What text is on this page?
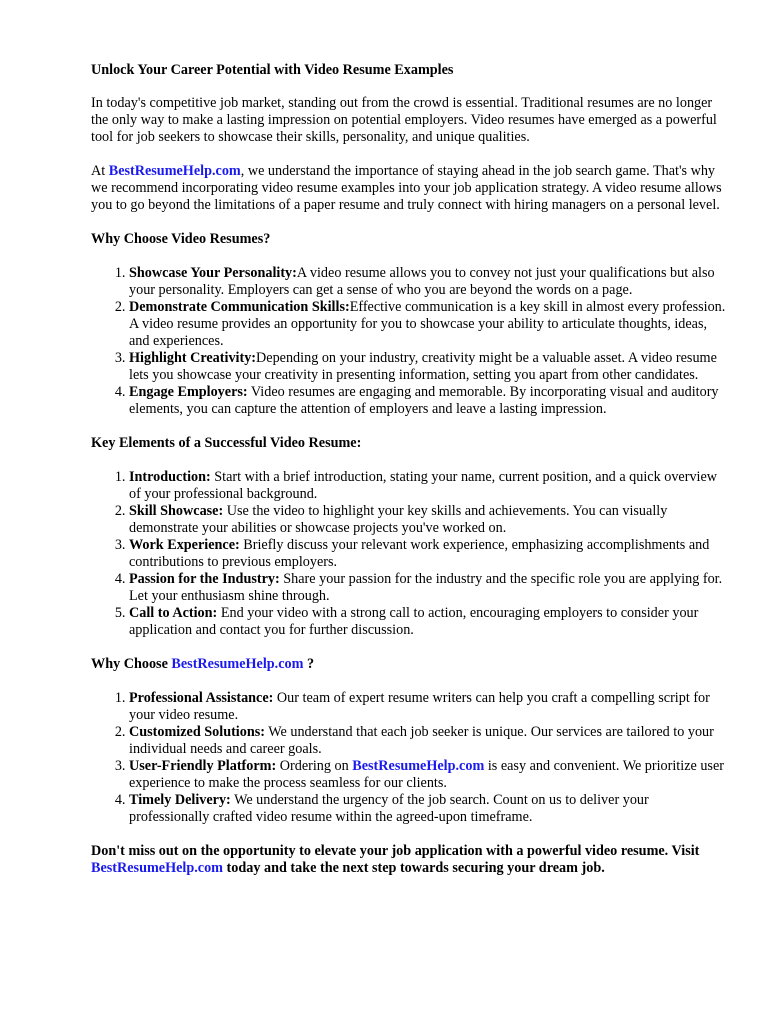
Unlock Your Career Potential with Video Resume Examples

In today's competitive job market, standing out from the crowd is essential. Traditional resumes are no longer the only way to make a lasting impression on potential employers. Video resumes have emerged as a powerful tool for job seekers to showcase their skills, personality, and unique qualities.

At BestResumeHelp.com, we understand the importance of staying ahead in the job search game. That's why we recommend incorporating video resume examples into your job application strategy. A video resume allows you to go beyond the limitations of a paper resume and truly connect with hiring managers on a personal level.

Why Choose Video Resumes?
1. Showcase Your Personality:A video resume allows you to convey not just your qualifications but also your personality. Employers can get a sense of who you are beyond the words on a page.
2. Demonstrate Communication Skills:Effective communication is a key skill in almost every profession. A video resume provides an opportunity for you to showcase your ability to articulate thoughts, ideas, and experiences.
3. Highlight Creativity:Depending on your industry, creativity might be a valuable asset. A video resume lets you showcase your creativity in presenting information, setting you apart from other candidates.
4. Engage Employers: Video resumes are engaging and memorable. By incorporating visual and auditory elements, you can capture the attention of employers and leave a lasting impression.
Key Elements of a Successful Video Resume:
1. Introduction: Start with a brief introduction, stating your name, current position, and a quick overview of your professional background.
2. Skill Showcase: Use the video to highlight your key skills and achievements. You can visually demonstrate your abilities or showcase projects you've worked on.
3. Work Experience: Briefly discuss your relevant work experience, emphasizing accomplishments and contributions to previous employers.
4. Passion for the Industry: Share your passion for the industry and the specific role you are applying for. Let your enthusiasm shine through.
5. Call to Action: End your video with a strong call to action, encouraging employers to consider your application and contact you for further discussion.
Why Choose BestResumeHelp.com ?
1. Professional Assistance: Our team of expert resume writers can help you craft a compelling script for your video resume.
2. Customized Solutions: We understand that each job seeker is unique. Our services are tailored to your individual needs and career goals.
3. User-Friendly Platform: Ordering on BestResumeHelp.com is easy and convenient. We prioritize user experience to make the process seamless for our clients.
4. Timely Delivery: We understand the urgency of the job search. Count on us to deliver your professionally crafted video resume within the agreed-upon timeframe.

Don't miss out on the opportunity to elevate your job application with a powerful video resume. Visit BestResumeHelp.com today and take the next step towards securing your dream job.
